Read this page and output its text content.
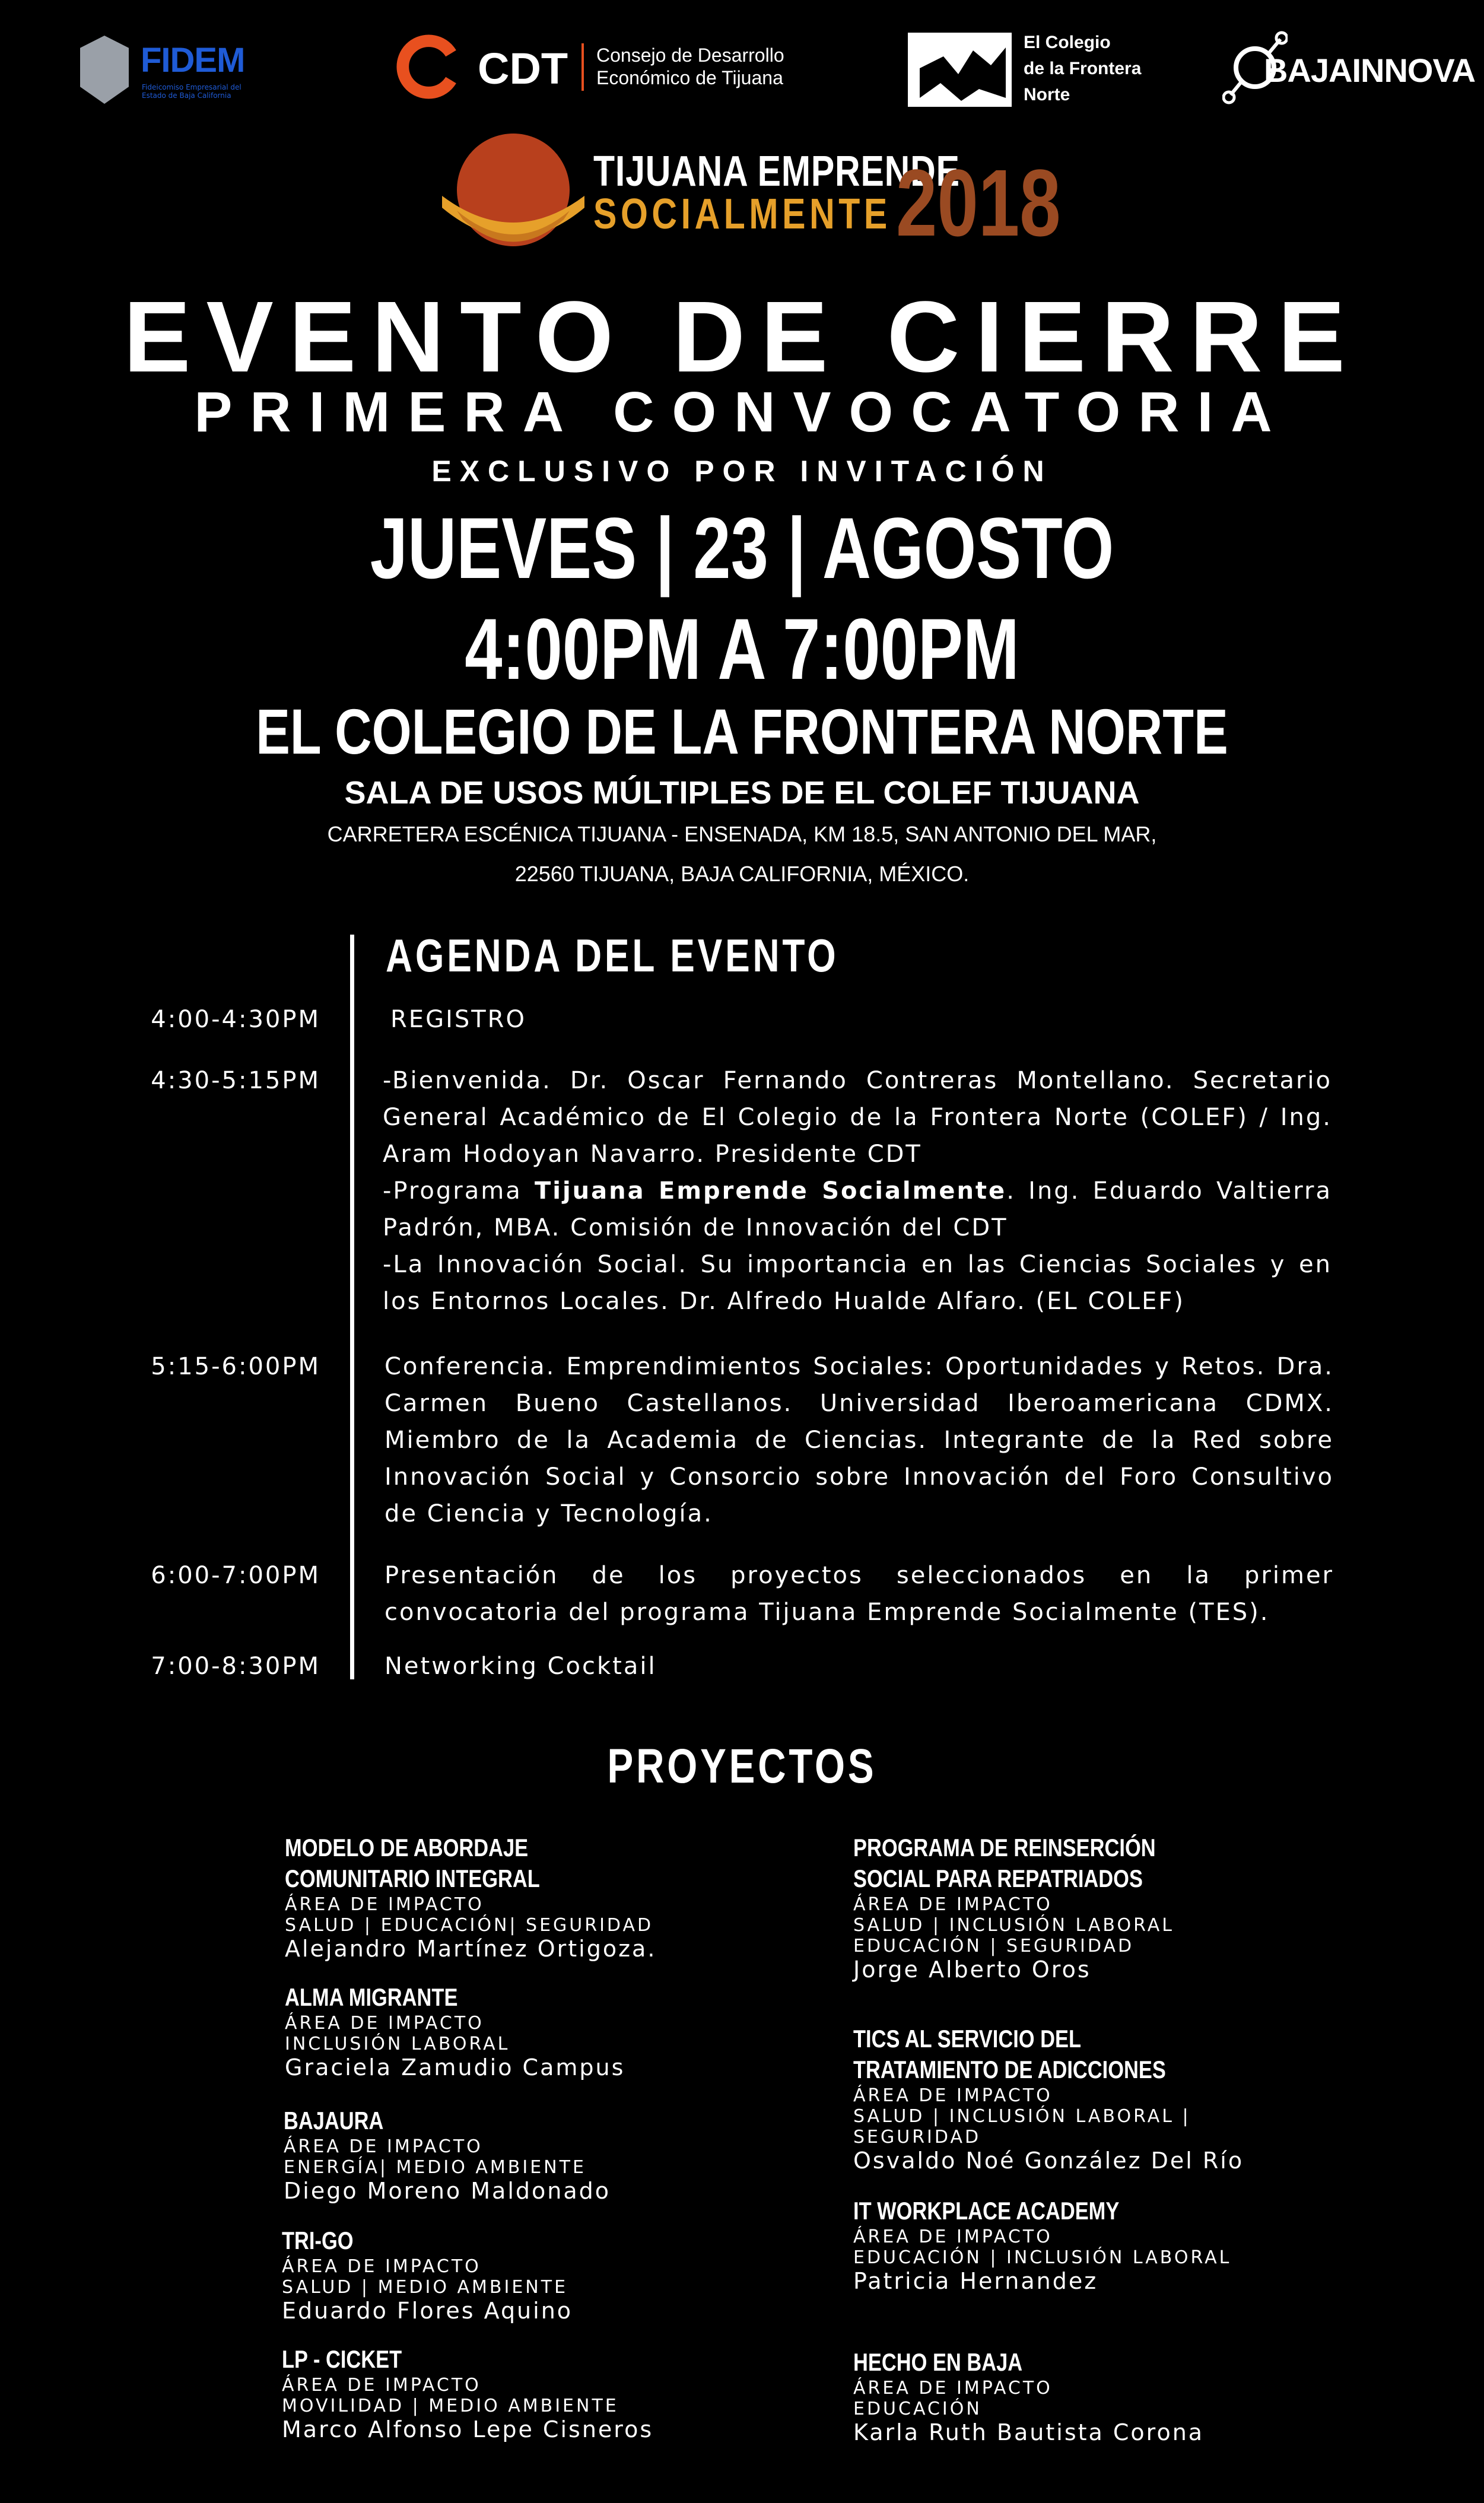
FIDEM
Fideicomiso Empresarial del Estado de Baja California
CDT Consejo de Desarrollo
Económico de Tijuana
El Colegio
de la Frontera
Norte
BAJAINNOVA
TIJUANA EMPRENDE
SOCIALMENTE 2018
EVENTO DE CIERRE
PRIMERA CONVOCATORIA
EXCLUSIVO POR INVITACIÓN
JUEVES | 23 | AGOSTO
4:00PM A 7:00PM
EL COLEGIO DE LA FRONTERA NORTE
SALA DE USOS MÚLTIPLES DE EL COLEF TIJUANA
CARRETERA ESCÉNICA TIJUANA - ENSENADA, KM 18.5, SAN ANTONIO DEL MAR,
22560 TIJUANA, BAJA CALIFORNIA, MÉXICO.
AGENDA DEL EVENTO
4:00-4:30PM	REGISTRO
4:30-5:15PM	-Bienvenida. Dr. Oscar Fernando Contreras Montellano. Secretario General Académico de El Colegio de la Frontera Norte (COLEF) / Ing. Aram Hodoyan Navarro. Presidente CDT
-Programa Tijuana Emprende Socialmente. Ing. Eduardo Valtierra Padrón, MBA. Comisión de Innovación del CDT
-La Innovación Social. Su importancia en las Ciencias Sociales y en los Entornos Locales. Dr. Alfredo Hualde Alfaro. (EL COLEF)
5:15-6:00PM	Conferencia. Emprendimientos Sociales: Oportunidades y Retos. Dra. Carmen Bueno Castellanos. Universidad Iberoamericana CDMX. Miembro de la Academia de Ciencias. Integrante de la Red sobre Innovación Social y Consorcio sobre Innovación del Foro Consultivo de Ciencia y Tecnología.
6:00-7:00PM	Presentación de los proyectos seleccionados en la primer convocatoria del programa Tijuana Emprende Socialmente (TES).
7:00-8:30PM	Networking Cocktail
PROYECTOS
MODELO DE ABORDAJE
COMUNITARIO INTEGRAL
ÁREA DE IMPACTO
SALUD | EDUCACIÓN| SEGURIDAD
Alejandro Martínez Ortigoza.
ALMA MIGRANTE
ÁREA DE IMPACTO
INCLUSIÓN LABORAL
Graciela Zamudio Campus
BAJAURA
ÁREA DE IMPACTO
ENERGÍA| MEDIO AMBIENTE
Diego Moreno Maldonado
TRI-GO
ÁREA DE IMPACTO
SALUD | MEDIO AMBIENTE
Eduardo Flores Aquino
LP - CICKET
ÁREA DE IMPACTO
MOVILIDAD | MEDIO AMBIENTE
Marco Alfonso Lepe Cisneros
PROGRAMA DE REINSERCIÓN
SOCIAL PARA REPATRIADOS
ÁREA DE IMPACTO
SALUD | INCLUSIÓN LABORAL
EDUCACIÓN | SEGURIDAD
Jorge Alberto Oros
TICS AL SERVICIO DEL
TRATAMIENTO DE ADICCIONES
ÁREA DE IMPACTO
SALUD | INCLUSIÓN LABORAL | SEGURIDAD
Osvaldo Noé González Del Río
IT WORKPLACE ACADEMY
ÁREA DE IMPACTO
EDUCACIÓN | INCLUSIÓN LABORAL
Patricia Hernandez
HECHO EN BAJA
ÁREA DE IMPACTO
EDUCACIÓN
Karla Ruth Bautista Corona
